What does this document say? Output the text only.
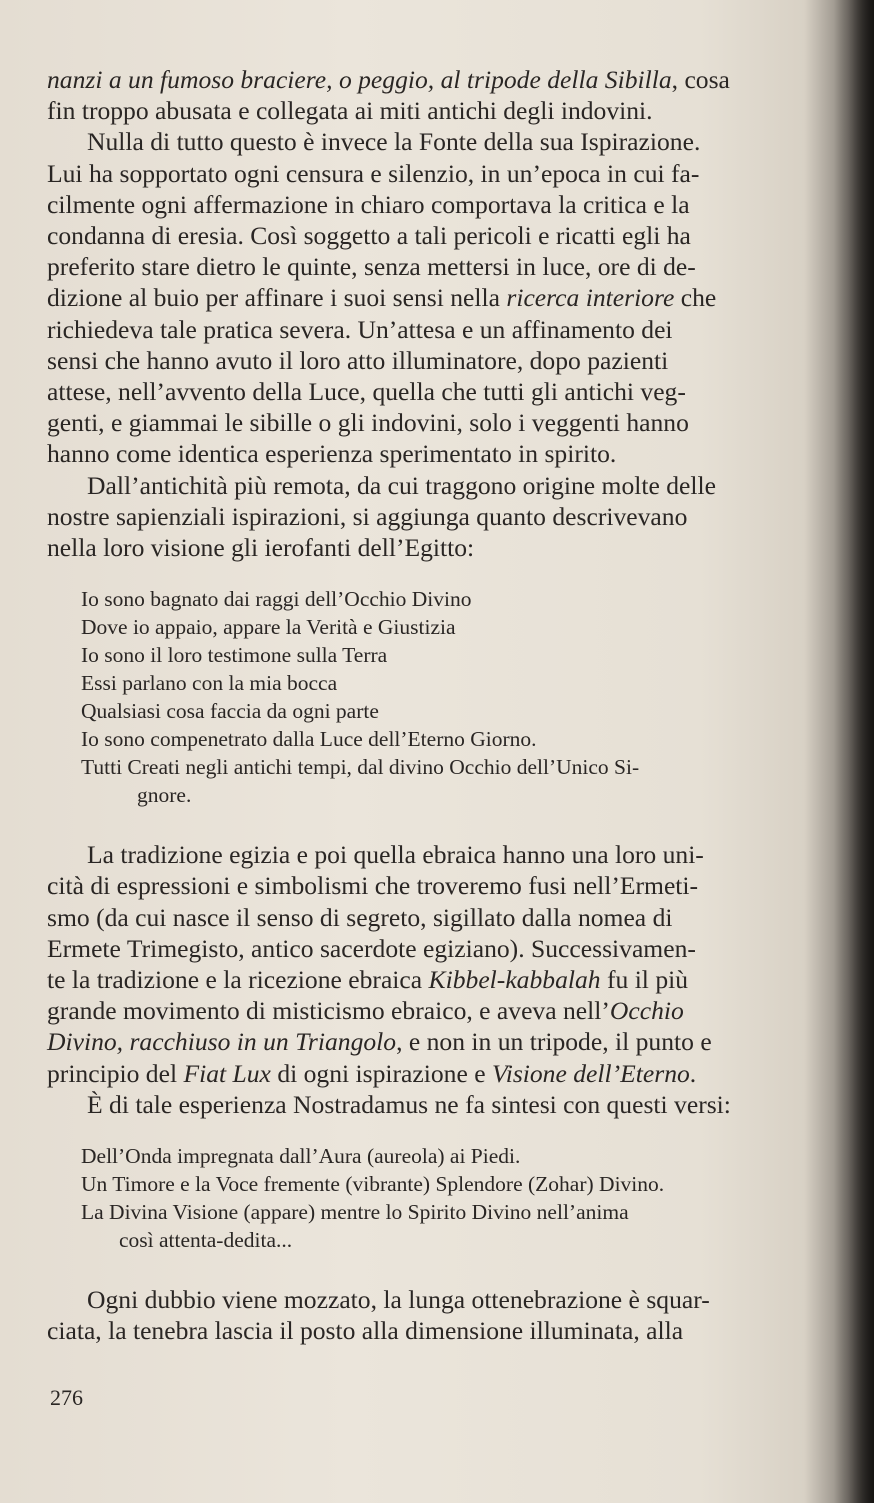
nanzi a un fumoso braciere, o peggio, al tripode della Sibilla, cosa
fin troppo abusata e collegata ai miti antichi degli indovini.

Nulla di tutto questo è invece la Fonte della sua Ispirazione.
Lui ha sopportato ogni censura e silenzio, in un’epoca in cui fa-
cilmente ogni affermazione in chiaro comportava la critica e la
condanna di eresia. Così soggetto a tali pericoli e ricatti egli ha
preferito stare dietro le quinte, senza mettersi in luce, ore di de-
dizione al buio per affinare i suoi sensi nella ricerca interiore che
richiedeva tale pratica severa. Un’attesa e un affinamento dei
sensi che hanno avuto il loro atto illuminatore, dopo pazienti
attese, nell’avvento della Luce, quella che tutti gli antichi veg-
genti, e giammai le sibille o gli indovini, solo i veggenti hanno
hanno come identica esperienza sperimentato in spirito.

Dall’antichità più remota, da cui traggono origine molte delle
nostre sapienziali ispirazioni, si aggiunga quanto descrivevano
nella loro visione gli ierofanti dell’Egitto:

Io sono bagnato dai raggi dell’Occhio Divino
Dove io appaio, appare la Verità e Giustizia
Io sono il loro testimone sulla Terra
Essi parlano con la mia bocca
Qualsiasi cosa faccia da ogni parte
Io sono compenetrato dalla Luce dell’Eterno Giorno.
Tutti Creati negli antichi tempi, dal divino Occhio dell’Unico Si-
gnore.

La tradizione egizia e poi quella ebraica hanno una loro uni-
cità di espressioni e simbolismi che troveremo fusi nell’Ermeti-
smo (da cui nasce il senso di segreto, sigillato dalla nomea di
Ermete Trimegisto, antico sacerdote egiziano). Successivamen-
te la tradizione e la ricezione ebraica Kibbel-kabbalah fu il più
grande movimento di misticismo ebraico, e aveva nell’Occhio
Divino, racchiuso in un Triangolo, e non in un tripode, il punto e
principio del Fiat Lux di ogni ispirazione e Visione dell’Eterno.
È di tale esperienza Nostradamus ne fa sintesi con questi versi:

Dell’Onda impregnata dall’Aura (aureola) ai Piedi.
Un Timore e la Voce fremente (vibrante) Splendore (Zohar) Divino.
La Divina Visione (appare) mentre lo Spirito Divino nell’anima
così attenta-dedita...

Ogni dubbio viene mozzato, la lunga ottenebrazione è squar-
ciata, la tenebra lascia il posto alla dimensione illuminata, alla

276
